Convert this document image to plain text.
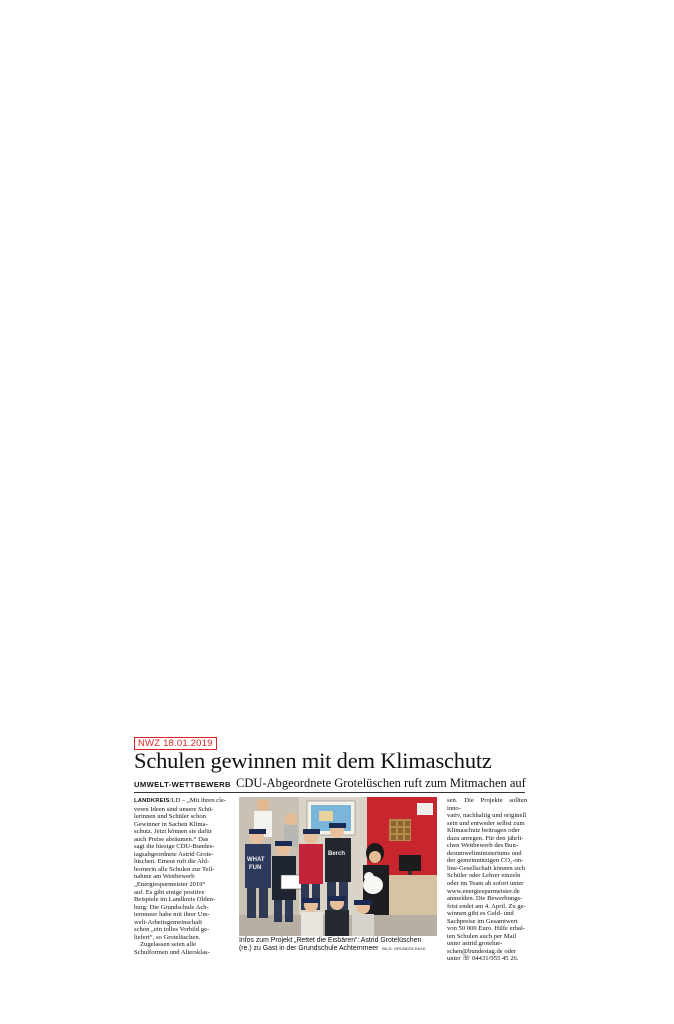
NWZ 18.01.2019
Schulen gewinnen mit dem Klimaschutz
UMWELT-WETTBEWERB CDU-Abgeordnete Grotelüschen ruft zum Mitmachen auf

LANDKREIS/LD – „Mit ihren cle-
veren Ideen sind unsere Schü-
lerinnen und Schüler schon
Gewinner in Sachen Klima-
schutz. Jetzt können sie dafür
auch Preise abräumen.“ Das
sagt die hiesige CDU-Bundes-
tagsabgeordnete Astrid Grote-
lüschen. Erneut ruft die Ahl-
hornerin alle Schulen zur Teil-
nahme am Wettbewerb
„Energiesparmeister 2019“
auf. Es gibt einige positive
Beispiele im Landkreis Olden-
burg: Die Grundschule Ach-
ternmeer habe mit ihrer Um-
welt-Arbeitsgemeinschaft
schon „ein tolles Vorbild ge-
liefert“, so Grotelüschen.

Zugelassen seien alle
Schulformen und Altersklas-

WHAT
FUN
Berch
Infos zum Projekt „Rettet die Eisbären“: Astrid Grotelüschen
(re.) zu Gast in der Grundschule Achternmeer BILD: GRUNDSCHULE
sen. Die Projekte sollten inno-
vativ, nachhaltig und originell
sein und entweder selbst zum
Klimaschutz beitragen oder
dazu anregen. Für den jährli-
chen Wettbewerb des Bun-
desumweltministeriums und
der gemeinnützigen CO₂-on-
line-Gesellschaft können sich
Schüler oder Lehrer einzeln
oder im Team ab sofort unter
www.energiesparmeister.de
anmelden. Die Bewerbungs-
frist endet am 4. April. Zu ge-
winnen gibt es Geld- und
Sachpreise im Gesamtwert
von 50 000 Euro. Hilfe erhal-
ten Schulen auch per Mail
unter astrid.grotelue-
schen@bundestag.de oder
unter ☏ 04431/955 45 26.
